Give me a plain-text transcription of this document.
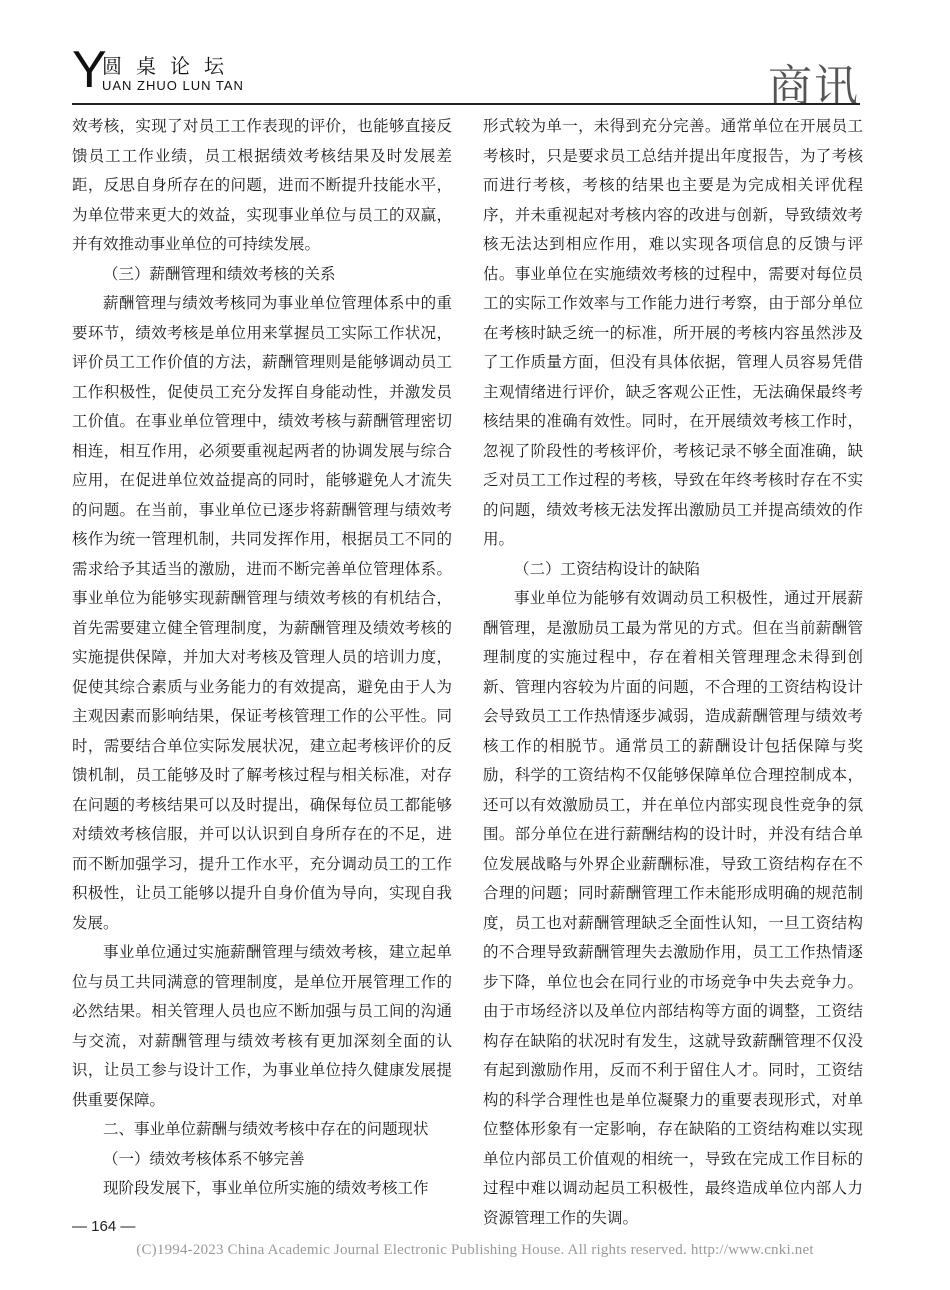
Y
圆桌论坛
UAN ZHUO LUN TAN	商讯

效考核，实现了对员工工作表现的评价，也能够直接反馈员工工作业绩，员工根据绩效考核结果及时发展差距，反思自身所存在的问题，进而不断提升技能水平，为单位带来更大的效益，实现事业单位与员工的双赢，并有效推动事业单位的可持续发展。

（三）薪酬管理和绩效考核的关系

薪酬管理与绩效考核同为事业单位管理体系中的重要环节，绩效考核是单位用来掌握员工实际工作状况，评价员工工作价值的方法，薪酬管理则是能够调动员工工作积极性，促使员工充分发挥自身能动性，并激发员工价值。在事业单位管理中，绩效考核与薪酬管理密切相连，相互作用，必须要重视起两者的协调发展与综合应用，在促进单位效益提高的同时，能够避免人才流失的问题。在当前，事业单位已逐步将薪酬管理与绩效考核作为统一管理机制，共同发挥作用，根据员工不同的需求给予其适当的激励，进而不断完善单位管理体系。事业单位为能够实现薪酬管理与绩效考核的有机结合，首先需要建立健全管理制度，为薪酬管理及绩效考核的实施提供保障，并加大对考核及管理人员的培训力度，促使其综合素质与业务能力的有效提高，避免由于人为主观因素而影响结果，保证考核管理工作的公平性。同时，需要结合单位实际发展状况，建立起考核评价的反馈机制，员工能够及时了解考核过程与相关标准，对存在问题的考核结果可以及时提出，确保每位员工都能够对绩效考核信服，并可以认识到自身所存在的不足，进而不断加强学习，提升工作水平，充分调动员工的工作积极性，让员工能够以提升自身价值为导向，实现自我发展。

事业单位通过实施薪酬管理与绩效考核，建立起单位与员工共同满意的管理制度，是单位开展管理工作的必然结果。相关管理人员也应不断加强与员工间的沟通与交流，对薪酬管理与绩效考核有更加深刻全面的认识，让员工参与设计工作，为事业单位持久健康发展提供重要保障。

二、事业单位薪酬与绩效考核中存在的问题现状

（一）绩效考核体系不够完善

现阶段发展下，事业单位所实施的绩效考核工作

形式较为单一，未得到充分完善。通常单位在开展员工考核时，只是要求员工总结并提出年度报告，为了考核而进行考核，考核的结果也主要是为完成相关评优程序，并未重视起对考核内容的改进与创新，导致绩效考核无法达到相应作用，难以实现各项信息的反馈与评估。事业单位在实施绩效考核的过程中，需要对每位员工的实际工作效率与工作能力进行考察，由于部分单位在考核时缺乏统一的标准，所开展的考核内容虽然涉及了工作质量方面，但没有具体依据，管理人员容易凭借主观情绪进行评价，缺乏客观公正性，无法确保最终考核结果的准确有效性。同时，在开展绩效考核工作时，忽视了阶段性的考核评价，考核记录不够全面准确，缺乏对员工工作过程的考核，导致在年终考核时存在不实的问题，绩效考核无法发挥出激励员工并提高绩效的作用。

（二）工资结构设计的缺陷

事业单位为能够有效调动员工积极性，通过开展薪酬管理，是激励员工最为常见的方式。但在当前薪酬管理制度的实施过程中，存在着相关管理理念未得到创新、管理内容较为片面的问题，不合理的工资结构设计会导致员工工作热情逐步减弱，造成薪酬管理与绩效考核工作的相脱节。通常员工的薪酬设计包括保障与奖励，科学的工资结构不仅能够保障单位合理控制成本，还可以有效激励员工，并在单位内部实现良性竞争的氛围。部分单位在进行薪酬结构的设计时，并没有结合单位发展战略与外界企业薪酬标准，导致工资结构存在不合理的问题；同时薪酬管理工作未能形成明确的规范制度，员工也对薪酬管理缺乏全面性认知，一旦工资结构的不合理导致薪酬管理失去激励作用，员工工作热情逐步下降，单位也会在同行业的市场竞争中失去竞争力。由于市场经济以及单位内部结构等方面的调整，工资结构存在缺陷的状况时有发生，这就导致薪酬管理不仅没有起到激励作用，反而不利于留住人才。同时，工资结构的科学合理性也是单位凝聚力的重要表现形式，对单位整体形象有一定影响，存在缺陷的工资结构难以实现单位内部员工价值观的相统一，导致在完成工作目标的过程中难以调动起员工积极性，最终造成单位内部人力资源管理工作的失调。

— 164 —
(C)1994-2023 China Academic Journal Electronic Publishing House. All rights reserved. http://www.cnki.net
